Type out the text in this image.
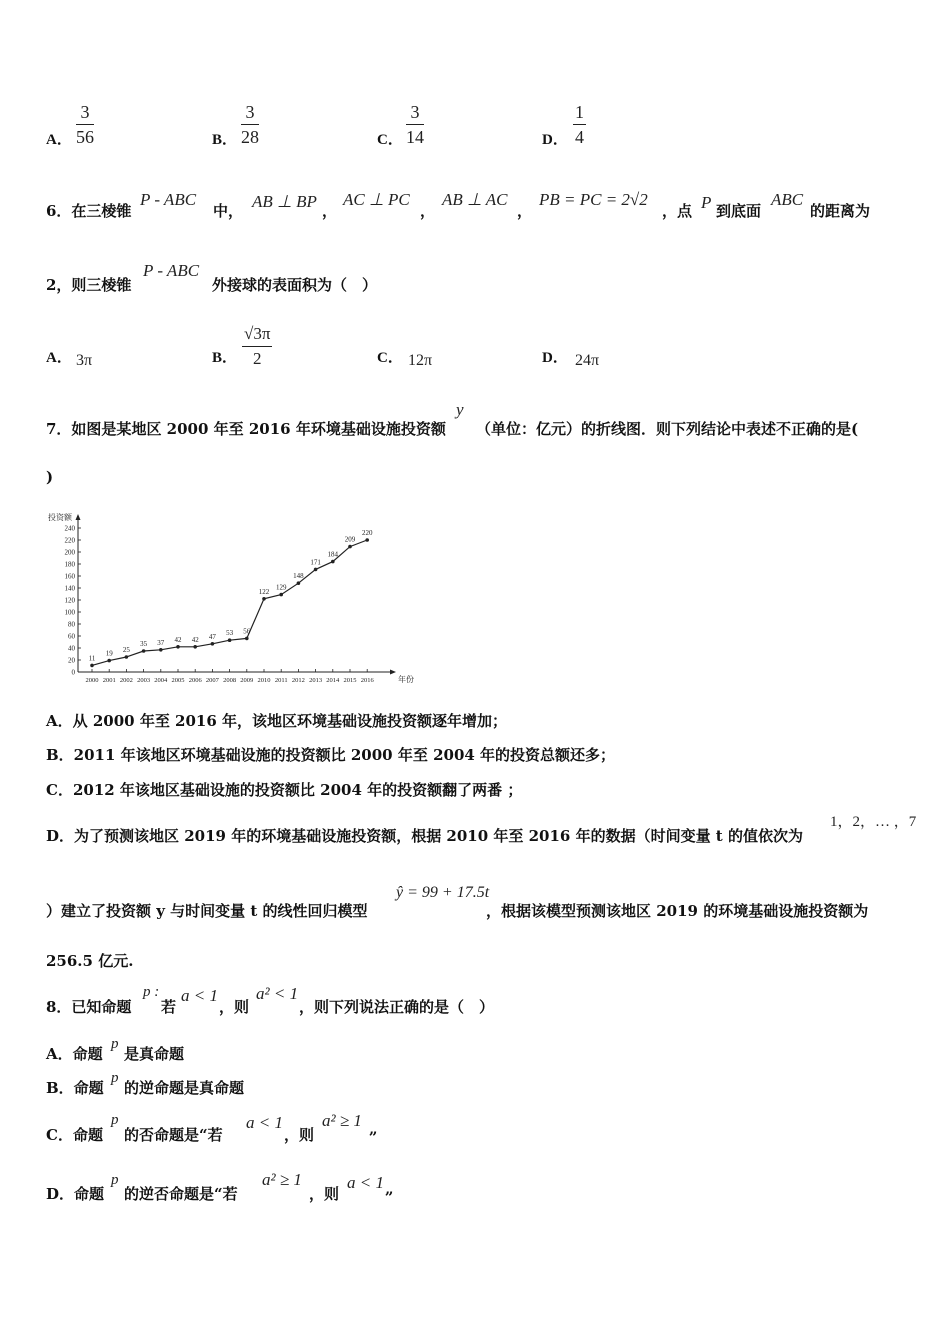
A． $\frac{3}{56}$	B． $\frac{3}{28}$	C． $\frac{3}{14}$	D． $\frac{1}{4}$
6．在三棱锥
P - ABC
中， AB ⊥ BP ，
AC ⊥ PC
，
AB ⊥ AC
，
PB = PC = 2√2
，点 P 到底面
ABC
的距离为
2，则三棱锥
P - ABC
外接球的表面积为（　）
A． 3π	B． $\frac{√3\pi}{2}$	C． 12π	D． 24π
7．如图是某地区 2000 年至 2016 年环境基础设施投资额
y
（单位：亿元）的折线图．则下列结论中表述不正确的是(
)
0
20
40
60
80
100
120
140
160
180
200
220
240
2000 2001 2002 2003 2004 2005 2006 2007 2008 2009 2010 2011 2012 2013 2014 2015 2016
11
19 25
35 37 42 42 47 53 56
122
129
148
171
184
209
220
投资额
年份
A．从 2000 年至 2016 年，该地区环境基础设施投资额逐年增加；
B．2011 年该地区环境基础设施的投资额比 2000 年至 2004 年的投资总额还多；
C．2012 年该地区基础设施的投资额比 2004 年的投资额翻了两番 ；
D．为了预测该地区 2019 年的环境基础设施投资额，根据 2010 年至 2016 年的数据（时间变量 t 的值依次为
1，2，… ，7
）建立了投资额 y 与时间变量 t 的线性回归模型
ŷ = 99 + 17.5t
，根据该模型预测该地区 2019 的环境基础设施投资额为
256.5 亿元.
8．已知命题
p :
若
a < 1
，则
a² < 1
，则下列说法正确的是（　）
A．命题
p
是真命题
B．命题
p
的逆命题是真命题
C．命题
p
的否命题是“若
a < 1
，则
a² ≥ 1 „
D．命题
p
的逆否命题是“若
a² ≥ 1
，则
a < 1 „
